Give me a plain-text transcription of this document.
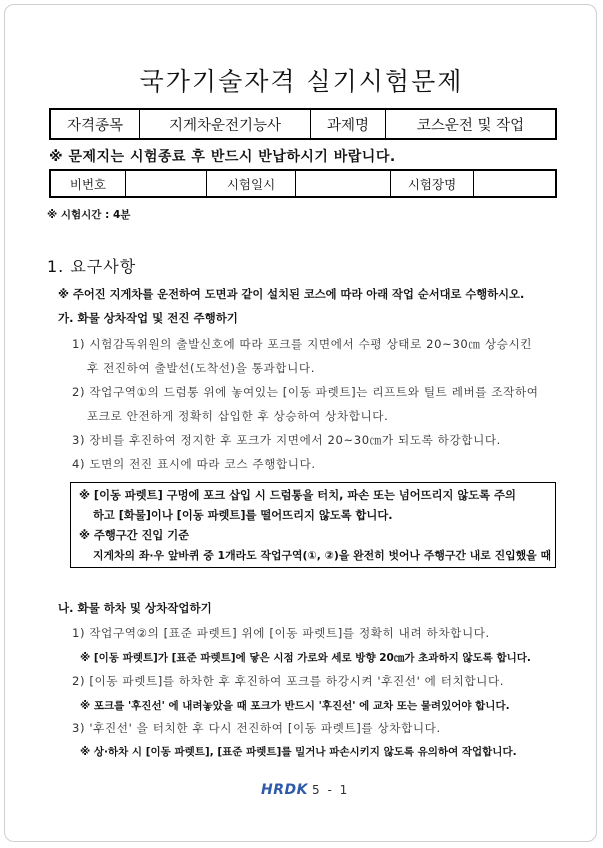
국가기술자격 실기시험문제
자격종목	지게차운전기능사	과제명	코스운전 및 작업
※ 문제지는 시험종료 후 반드시 반납하시기 바랍니다.
비번호		시험일시		시험장명	
※ 시험시간 : 4분
1. 요구사항
※ 주어진 지게차를 운전하여 도면과 같이 설치된 코스에 따라 아래 작업 순서대로 수행하시오.
가. 화물 상차작업 및 전진 주행하기
1) 시험감독위원의 출발신호에 따라 포크를 지면에서 수평 상태로 20~30㎝ 상승시킨
후 전진하여 출발선(도착선)을 통과합니다.
2) 작업구역①의 드럼통 위에 놓여있는 [이동 파렛트]는 리프트와 틸트 레버를 조작하여
포크로 안전하게 정확히 삽입한 후 상승하여 상차합니다.
3) 장비를 후진하여 정지한 후 포크가 지면에서 20~30㎝가 되도록 하강합니다.
4) 도면의 전진 표시에 따라 코스 주행합니다.
※ [이동 파렛트] 구멍에 포크 삽입 시 드럼통을 터치, 파손 또는 넘어뜨리지 않도록 주의
하고 [화물]이나 [이동 파렛트]를 떨어뜨리지 않도록 합니다.
※ 주행구간 진입 기준
지게차의 좌·우 앞바퀴 중 1개라도 작업구역(①, ②)을 완전히 벗어나 주행구간 내로 진입했을 때
나. 화물 하차 및 상차작업하기
1) 작업구역②의 [표준 파렛트] 위에 [이동 파렛트]를 정확히 내려 하차합니다.
※ [이동 파렛트]가 [표준 파렛트]에 닿은 시점 가로와 세로 방향 20㎝가 초과하지 않도록 합니다.
2) [이동 파렛트]를 하차한 후 후진하여 포크를 하강시켜 '후진선' 에 터치합니다.
※ 포크를 '후진선' 에 내려놓았을 때 포크가 반드시 '후진선' 에 교차 또는 물려있어야 합니다.
3) '후진선' 을 터치한 후 다시 전진하여 [이동 파렛트]를 상차합니다.
※ 상·하차 시 [이동 파렛트], [표준 파렛트]를 밀거나 파손시키지 않도록 유의하여 작업합니다.
HRDK 5 - 1
